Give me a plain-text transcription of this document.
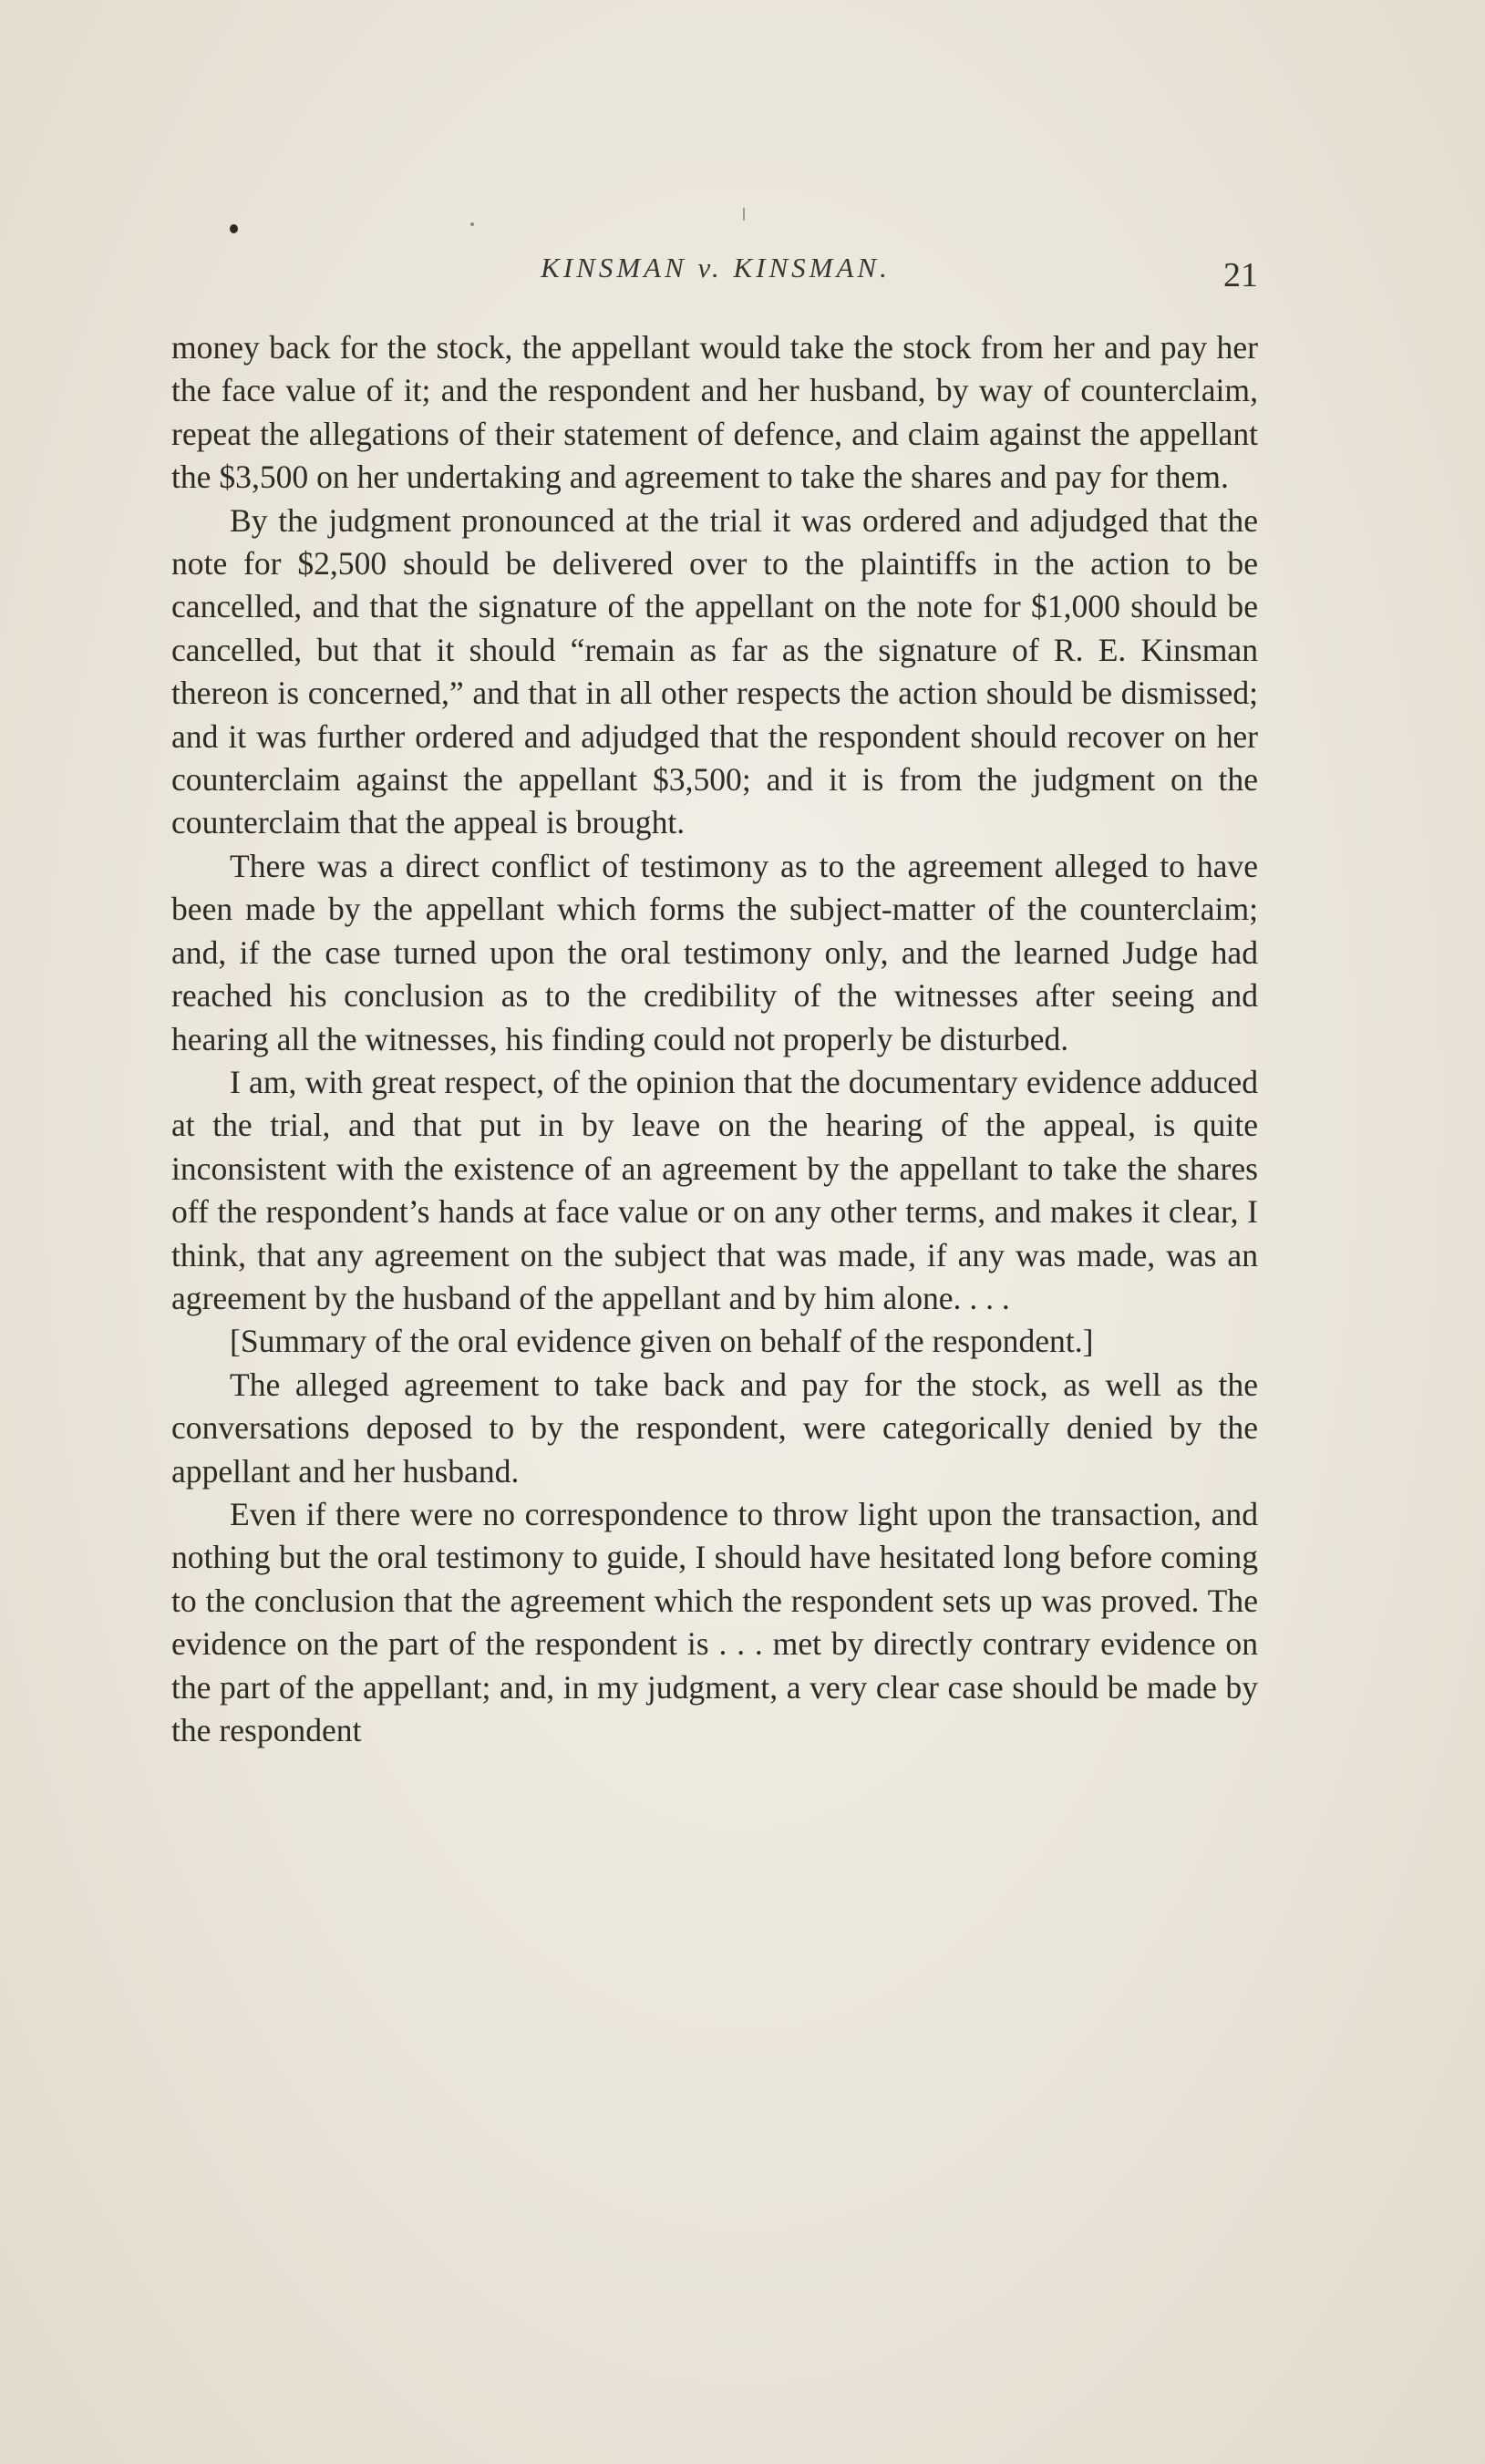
KINSMAN v. KINSMAN.	21

money back for the stock, the appellant would take the stock from her and pay her the face value of it; and the respondent and her husband, by way of counterclaim, repeat the allegations of their statement of defence, and claim against the appellant the $3,500 on her undertaking and agreement to take the shares and pay for them.

By the judgment pronounced at the trial it was ordered and adjudged that the note for $2,500 should be delivered over to the plaintiffs in the action to be cancelled, and that the signature of the appellant on the note for $1,000 should be cancelled, but that it should “remain as far as the signature of R. E. Kinsman thereon is concerned,” and that in all other respects the action should be dismissed; and it was further ordered and adjudged that the respondent should recover on her counterclaim against the appellant $3,500; and it is from the judgment on the counterclaim that the appeal is brought.

There was a direct conflict of testimony as to the agreement alleged to have been made by the appellant which forms the subject-matter of the counterclaim; and, if the case turned upon the oral testimony only, and the learned Judge had reached his conclusion as to the credibility of the witnesses after seeing and hearing all the witnesses, his finding could not properly be disturbed.

I am, with great respect, of the opinion that the documentary evidence adduced at the trial, and that put in by leave on the hearing of the appeal, is quite inconsistent with the existence of an agreement by the appellant to take the shares off the respondent’s hands at face value or on any other terms, and makes it clear, I think, that any agreement on the subject that was made, if any was made, was an agreement by the husband of the appellant and by him alone. . . .

[Summary of the oral evidence given on behalf of the respondent.]

The alleged agreement to take back and pay for the stock, as well as the conversations deposed to by the respondent, were categorically denied by the appellant and her husband.

Even if there were no correspondence to throw light upon the transaction, and nothing but the oral testimony to guide, I should have hesitated long before coming to the conclusion that the agreement which the respondent sets up was proved. The evidence on the part of the respondent is . . . met by directly contrary evidence on the part of the appellant; and, in my judgment, a very clear case should be made by the respondent
